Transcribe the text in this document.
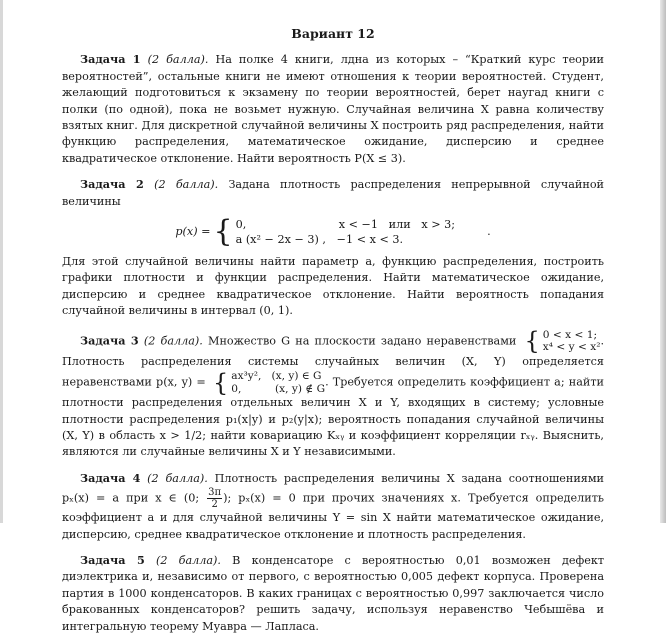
Вариант 12

Задача 1 (2 балла). На полке 4 книги, лдна из которых – “Краткий курс теории вероятностей”, остальные книги не имеют отношения к теории вероятностей. Студент, желающий подготовиться к экзамену по теории вероятностей, берет наугад книги с полки (по одной), пока не возьмет нужную. Случайная величина X равна количеству взятых книг. Для дискретной случайной величины X построить ряд распределения, найти функцию распределения, математическое ожидание, дисперсию и среднее квадратическое отклонение. Найти вероятность P(X ≤ 3).

Задача 2 (2 балла). Задана плотность распределения непрерывной случайной величины

p(x) = { 0,                          x < −1   или   x > 3;
a (x² − 2x − 3) ,   −1 < x < 3.
.

Для этой случайной величины найти параметр a, функцию распределения, построить графики плотности и функции распределения. Найти математическое ожидание, дисперсию и среднее квадратическое отклонение. Найти вероятность попадания случайной величины в интервал (0, 1).

Задача 3 (2 балла). Множество G на плоскости задано неравенствами { 0 < x < 1;
x⁴ < y < x² . Плотность распределения системы случайных величин (X, Y) определяется неравенствами p(x, y) = { ax³y²,   (x, y) ∈ G
0,          (x, y) ∉ G . Требуется определить коэффициент a; найти плотности распределения отдельных величин X и Y, входящих в систему; условные плотности распределения p₁(x|y) и p₂(y|x); вероятность попадания случайной величины (X, Y) в область x > 1/2; найти ковариацию Kₓᵧ и коэффициент корреляции rₓᵧ. Выяснить, являются ли случайные величины X и Y независимыми.

Задача 4 (2 балла). Плотность распределения величины X задана соотношениями pₓ(x) = a при x ∈ (0; $\frac{3\pi}{2}$ ); pₓ(x) = 0 при прочих значениях x. Требуется определить коэффициент a и для случайной величины Y = sin X найти математическое ожидание, дисперсию, среднее квадратическое отклонение и плотность распределения.

Задача 5 (2 балла). В конденсаторе с вероятностью 0,01 возможен дефект диэлектрика и, независимо от первого, с вероятностью 0,005 дефект корпуса. Проверена партия в 1000 конденсаторов. В каких границах с вероятностью 0,997 заключается число бракованных конденсаторов? решить задачу, используя неравенство Чебышёва и интегральную теорему Муавра — Лапласа.
